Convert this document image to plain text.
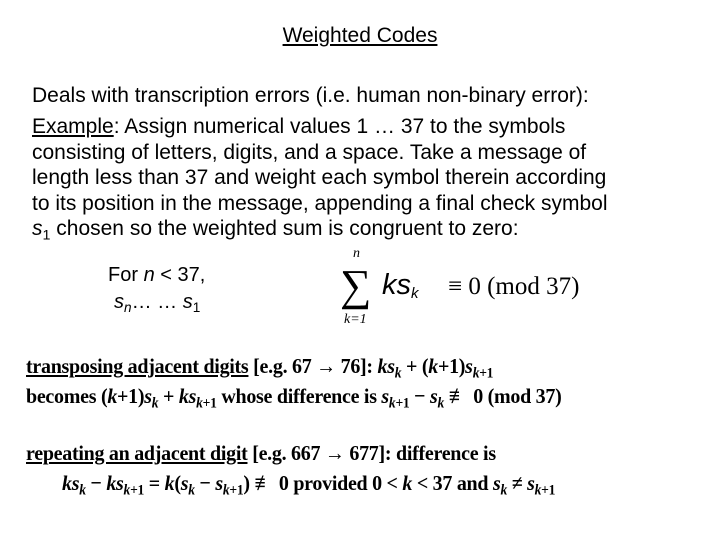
Weighted Codes
Deals with transcription errors (i.e. human non-binary error):
Example: Assign numerical values 1 … 37 to the symbols
consisting of letters, digits, and a space. Take a message of
length less than 37 and weight each symbol therein according
to its position in the message, appending a final check symbol
$s_1$ chosen so the weighted sum is congruent to zero:
For n < 37,
$s_n\dots$ … $s_1$
n
∑
k=1
ksk ≡ 0 (mod 37)
transposing adjacent digits [e.g. 67 → 76]: $ks_k + (k+1)s_{k+1}$
becomes $(k+1)s_k + ks_{k+1}$ whose difference is $s_{k+1} - s_k$ ≢ 0 (mod 37)
repeating an adjacent digit [e.g. 667 → 677]: difference is
$ks_k - ks_{k+1} = k(s_k - s_{k+1})$ ≢ 0 provided 0 < k < 37 and $s_k \ne s_{k+1}$
